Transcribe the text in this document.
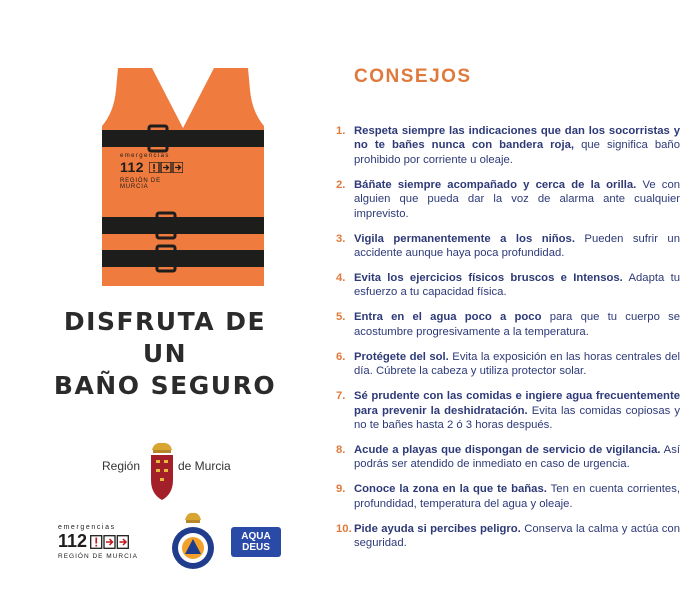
emergencias
112
REGIÓN DE MURCIA
DISFRUTA DE UN
BAÑO SEGURO
Región	de Murcia
emergencias
112
REGIÓN DE MURCIA
AQUA
DEUS
CONSEJOS
1. Respeta siempre las indicaciones que dan los socorristas y no te bañes nunca con bandera roja, que significa baño prohibido por corriente u oleaje.
2. Báñate siempre acompañado y cerca de la orilla. Ve con alguien que pueda dar la voz de alarma ante cualquier imprevisto.
3. Vigila permanentemente a los niños. Pueden sufrir un accidente aunque haya poca profundidad.
4. Evita los ejercicios físicos bruscos e Intensos. Adapta tu esfuerzo a tu capacidad física.
5. Entra en el agua poco a poco para que tu cuerpo se acostumbre progresivamente a la temperatura.
6. Protégete del sol. Evita la exposición en las horas centrales del día. Cúbrete la cabeza y utiliza protector solar.
7. Sé prudente con las comidas e ingiere agua frecuentemente para prevenir la deshidratación. Evita las comidas copiosas y no te bañes hasta 2 ó 3 horas después.
8. Acude a playas que dispongan de servicio de vigilancia. Así podrás ser atendido de inmediato en caso de urgencia.
9. Conoce la zona en la que te bañas. Ten en cuenta corrientes, profundidad, temperatura del agua y oleaje.
10. Pide ayuda si percibes peligro. Conserva la calma y actúa con seguridad.
